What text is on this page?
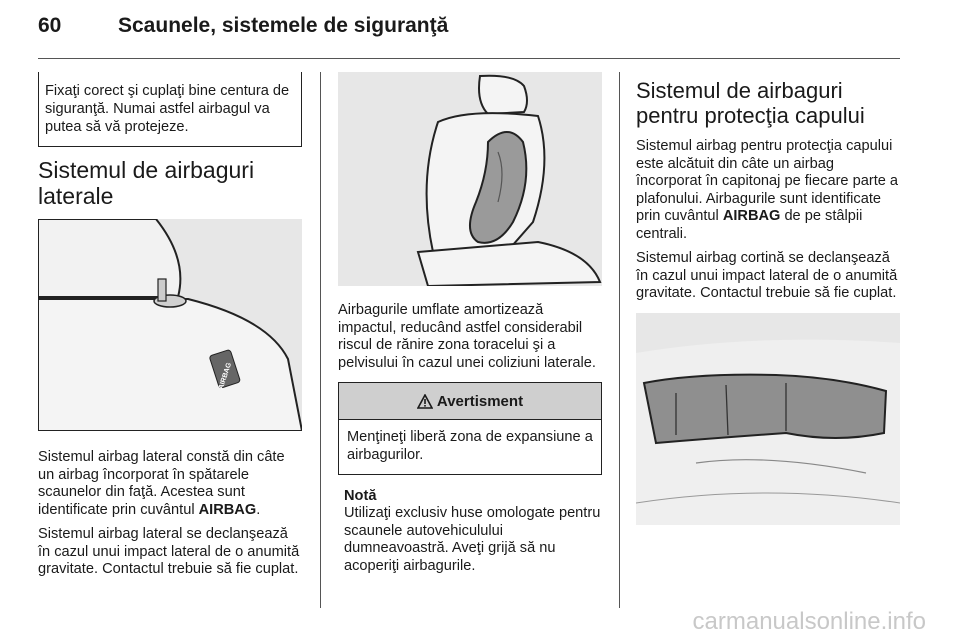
60	Scaunele, sistemele de siguranţă
Fixaţi corect şi cuplaţi bine centura de siguranţă. Numai astfel airbagul va putea să vă protejeze.
Sistemul de airbaguri laterale
AIRBAG

Sistemul airbag lateral constă din câte un airbag încorporat în spătarele scaunelor din faţă. Acestea sunt identificate prin cuvântul AIRBAG.

Sistemul airbag lateral se declanşează în cazul unui impact lateral de o anumită gravitate. Contactul trebuie să fie cuplat.

Airbagurile umflate amortizează impactul, reducând astfel considerabil riscul de rănire zona toracelui şi a pelvisului în cazul unei coliziuni laterale.

Avertisment
Menţineţi liberă zona de expansiune a airbagurilor.
Notă
Utilizaţi exclusiv huse omologate pentru scaunele autovehiculului dumneavoastră. Aveţi grijă să nu acoperiţi airbagurile.
Sistemul de airbaguri pentru protecţia capului

Sistemul airbag pentru protecţia capului este alcătuit din câte un airbag încorporat în capitonaj pe fiecare parte a plafonului. Airbagurile sunt identificate prin cuvântul AIRBAG de pe stâlpii centrali.

Sistemul airbag cortină se declanşează în cazul unui impact lateral de o anumită gravitate. Contactul trebuie să fie cuplat.

carmanualsonline.info
